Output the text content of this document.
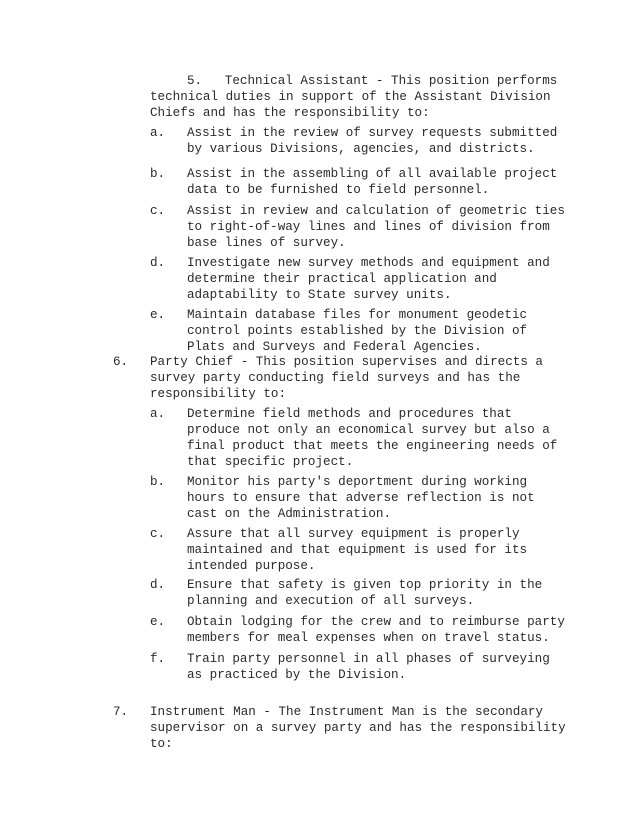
5.   Technical Assistant - This position performs
technical duties in support of the Assistant Division
Chiefs and has the responsibility to:
a. Assist in the review of survey requests submitted
by various Divisions, agencies, and districts.
b. Assist in the assembling of all available project
data to be furnished to field personnel.
c. Assist in review and calculation of geometric ties
to right-of-way lines and lines of division from
base lines of survey.
d. Investigate new survey methods and equipment and
determine their practical application and
adaptability to State survey units.
e. Maintain database files for monument geodetic
control points established by the Division of
Plats and Surveys and Federal Agencies.
6. Party Chief - This position supervises and directs a
survey party conducting field surveys and has the
responsibility to:
a. Determine field methods and procedures that
produce not only an economical survey but also a
final product that meets the engineering needs of
that specific project.
b. Monitor his party's deportment during working
hours to ensure that adverse reflection is not
cast on the Administration.
c. Assure that all survey equipment is properly
maintained and that equipment is used for its
intended purpose.
d. Ensure that safety is given top priority in the
planning and execution of all surveys.
e. Obtain lodging for the crew and to reimburse party
members for meal expenses when on travel status.
f. Train party personnel in all phases of surveying
as practiced by the Division.
7. Instrument Man - The Instrument Man is the secondary
supervisor on a survey party and has the responsibility
to:
